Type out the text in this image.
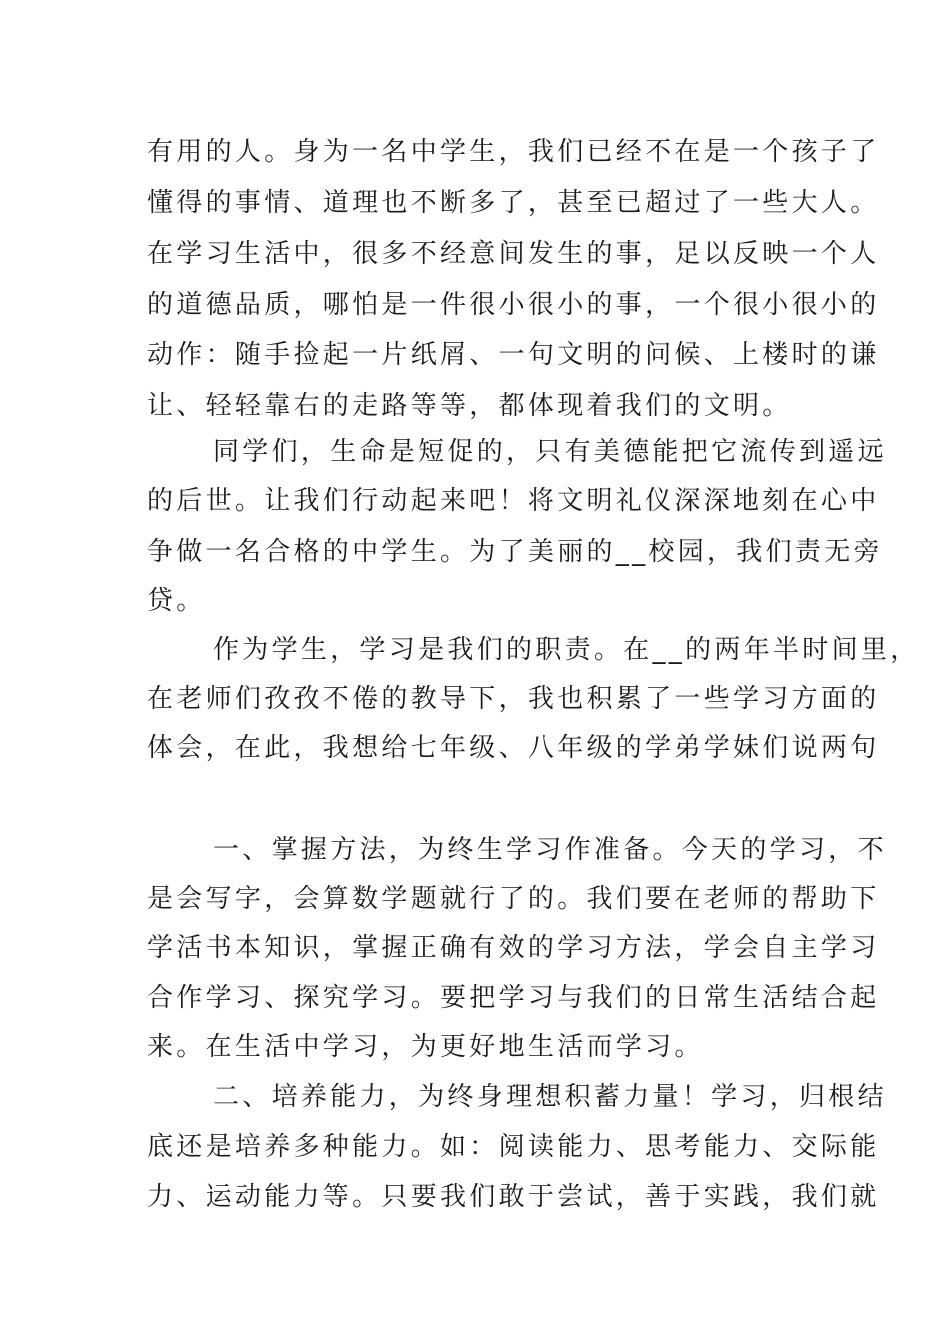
有用的人。身为一名中学生，我们已经不在是一个孩子了

懂得的事情、道理也不断多了，甚至已超过了一些大人。

在学习生活中，很多不经意间发生的事，足以反映一个人

的道德品质，哪怕是一件很小很小的事，一个很小很小的

动作：随手捡起一片纸屑、一句文明的问候、上楼时的谦

让、轻轻靠右的走路等等，都体现着我们的文明。

同学们，生命是短促的，只有美德能把它流传到遥远

的后世。让我们行动起来吧！将文明礼仪深深地刻在心中

争做一名合格的中学生。为了美丽的__校园，我们责无旁

贷。

作为学生，学习是我们的职责。在__的两年半时间里，

在老师们孜孜不倦的教导下，我也积累了一些学习方面的

体会，在此，我想给七年级、八年级的学弟学妹们说两句

一、掌握方法，为终生学习作准备。今天的学习，不

是会写字，会算数学题就行了的。我们要在老师的帮助下

学活书本知识，掌握正确有效的学习方法，学会自主学习

合作学习、探究学习。要把学习与我们的日常生活结合起

来。在生活中学习，为更好地生活而学习。

二、培养能力，为终身理想积蓄力量！学习，归根结

底还是培养多种能力。如：阅读能力、思考能力、交际能

力、运动能力等。只要我们敢于尝试，善于实践，我们就
